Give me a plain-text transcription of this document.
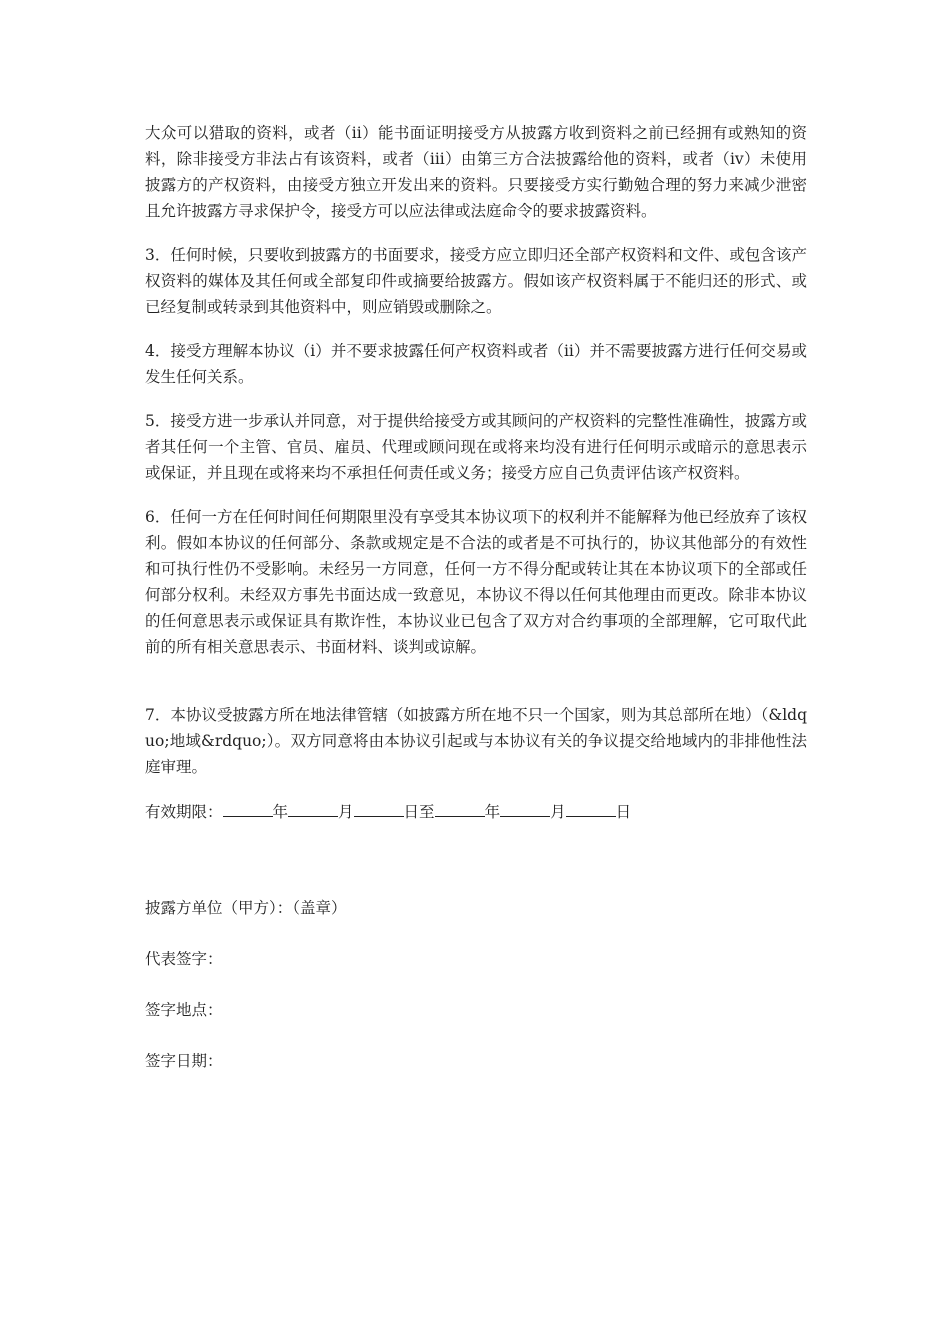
大众可以猎取的资料，或者（ii）能书面证明接受方从披露方收到资料之前已经拥有或熟知的资料，除非接受方非法占有该资料，或者（iii）由第三方合法披露给他的资料，或者（iv）未使用披露方的产权资料，由接受方独立开发出来的资料。只要接受方实行勤勉合理的努力来减少泄密且允许披露方寻求保护令，接受方可以应法律或法庭命令的要求披露资料。

3．任何时候，只要收到披露方的书面要求，接受方应立即归还全部产权资料和文件、或包含该产权资料的媒体及其任何或全部复印件或摘要给披露方。假如该产权资料属于不能归还的形式、或已经复制或转录到其他资料中，则应销毁或删除之。

4．接受方理解本协议（i）并不要求披露任何产权资料或者（ii）并不需要披露方进行任何交易或发生任何关系。

5．接受方进一步承认并同意，对于提供给接受方或其顾问的产权资料的完整性准确性，披露方或者其任何一个主管、官员、雇员、代理或顾问现在或将来均没有进行任何明示或暗示的意思表示或保证，并且现在或将来均不承担任何责任或义务；接受方应自己负责评估该产权资料。

6．任何一方在任何时间任何期限里没有享受其本协议项下的权利并不能解释为他已经放弃了该权利。假如本协议的任何部分、条款或规定是不合法的或者是不可执行的，协议其他部分的有效性和可执行性仍不受影响。未经另一方同意，任何一方不得分配或转让其在本协议项下的全部或任何部分权利。未经双方事先书面达成一致意见，本协议不得以任何其他理由而更改。除非本协议的任何意思表示或保证具有欺诈性，本协议业已包含了双方对合约事项的全部理解，它可取代此前的所有相关意思表示、书面材料、谈判或谅解。

7．本协议受披露方所在地法律管辖（如披露方所在地不只一个国家，则为其总部所在地）（&ldquo;地域&rdquo;）。双方同意将由本协议引起或与本协议有关的争议提交给地域内的非排他性法庭审理。

有效期限：	年	月	日至	年	月	日

披露方单位（甲方）：（盖章）

代表签字：

签字地点：

签字日期：
